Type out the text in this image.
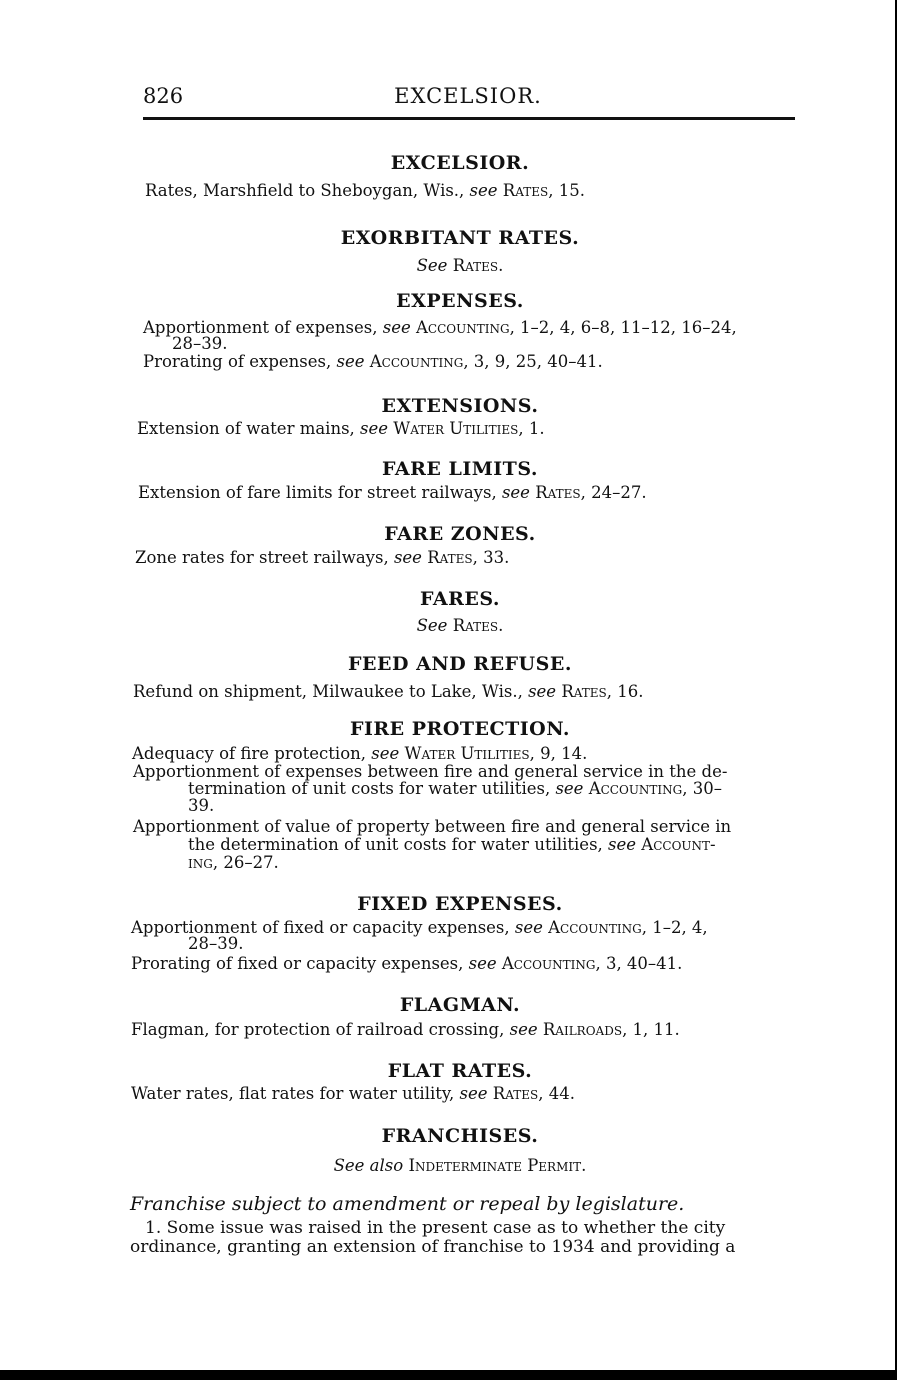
826	EXCELSIOR.
EXCELSIOR.
Rates, Marshfield to Sheboygan, Wis., see Rates, 15.
EXORBITANT RATES.
See Rates.
EXPENSES.
Apportionment of expenses, see Accounting, 1–2, 4, 6–8, 11–12, 16–24,
28–39.
Prorating of expenses, see Accounting, 3, 9, 25, 40–41.
EXTENSIONS.
Extension of water mains, see Water Utilities, 1.
FARE LIMITS.
Extension of fare limits for street railways, see Rates, 24–27.
FARE ZONES.
Zone rates for street railways, see Rates, 33.
FARES.
See Rates.
FEED AND REFUSE.
Refund on shipment, Milwaukee to Lake, Wis., see Rates, 16.
FIRE PROTECTION.
Adequacy of fire protection, see Water Utilities, 9, 14.
Apportionment of expenses between fire and general service in the de-
termination of unit costs for water utilities, see Accounting, 30–
39.
Apportionment of value of property between fire and general service in
the determination of unit costs for water utilities, see Account-
ing, 26–27.
FIXED EXPENSES.
Apportionment of fixed or capacity expenses, see Accounting, 1–2, 4,
28–39.
Prorating of fixed or capacity expenses, see Accounting, 3, 40–41.
FLAGMAN.
Flagman, for protection of railroad crossing, see Railroads, 1, 11.
FLAT RATES.
Water rates, flat rates for water utility, see Rates, 44.
FRANCHISES.
See also Indeterminate Permit.
Franchise subject to amendment or repeal by legislature.
1. Some issue was raised in the present case as to whether the city
ordinance, granting an extension of franchise to 1934 and providing a
